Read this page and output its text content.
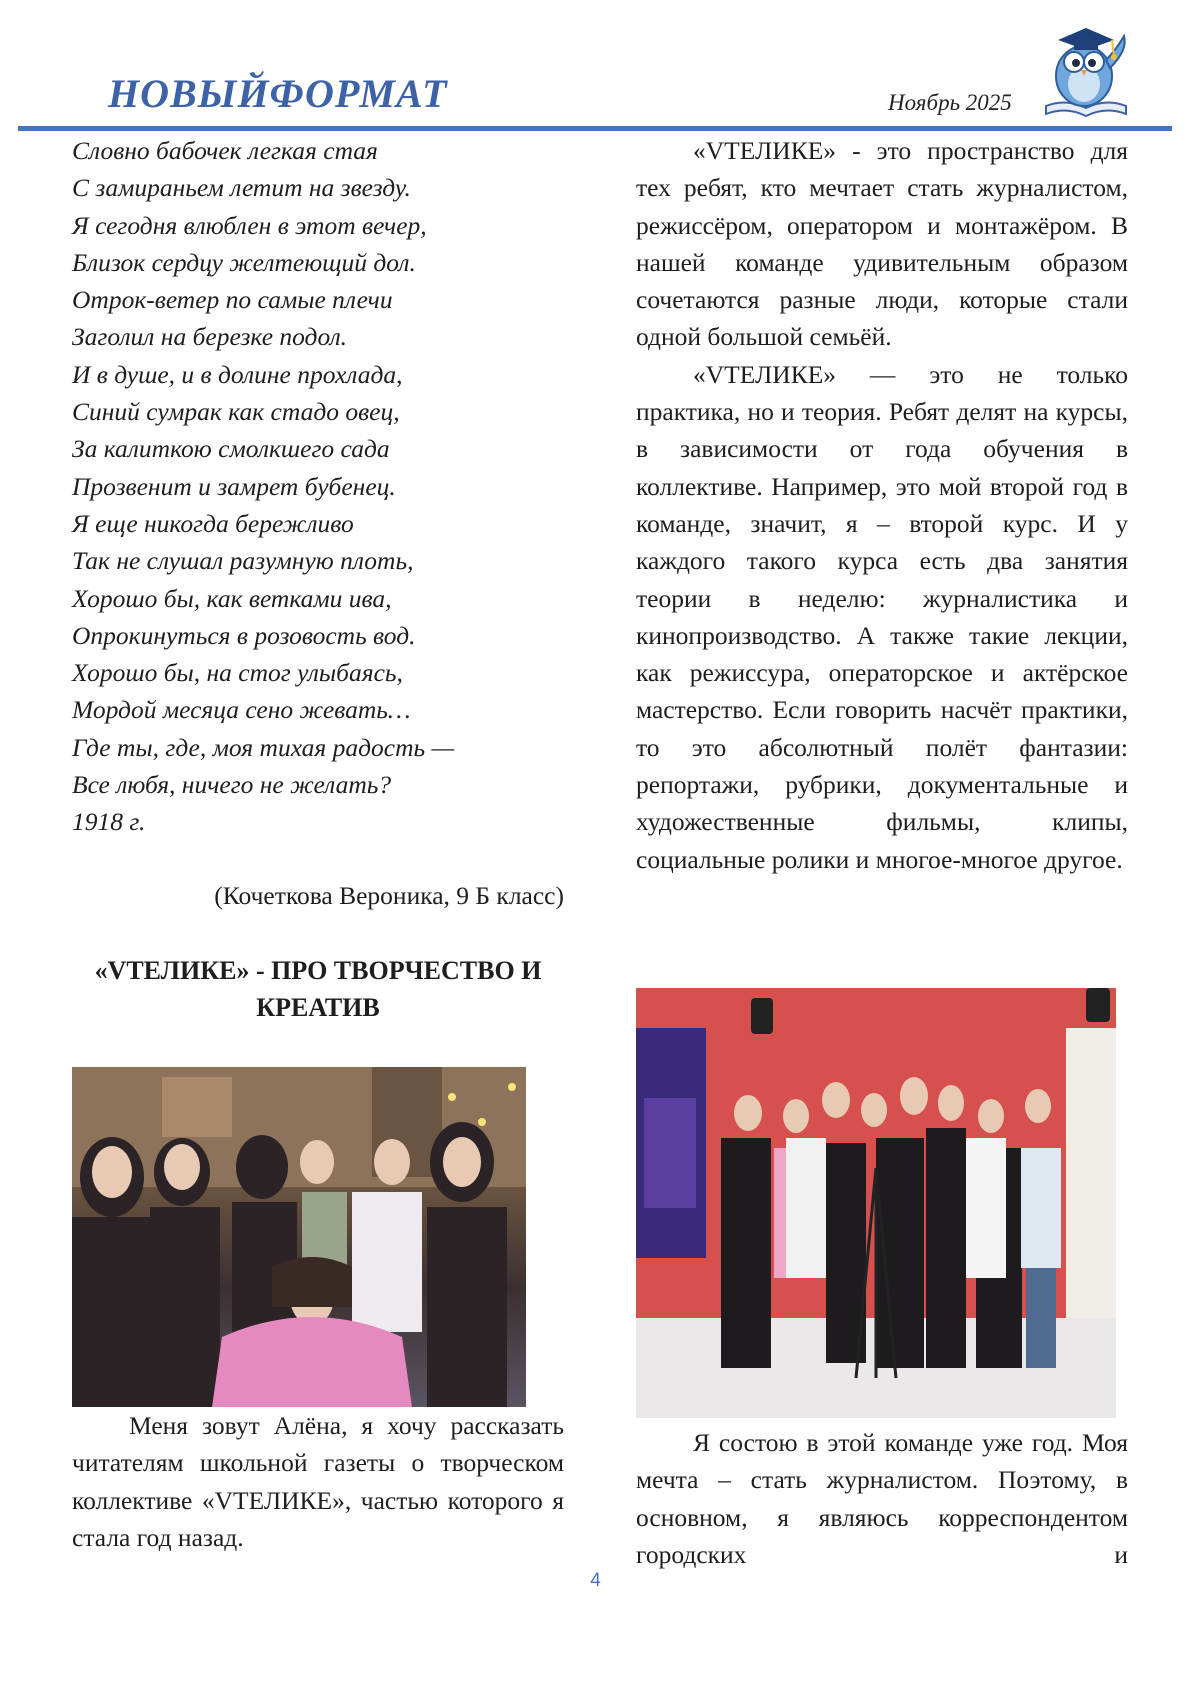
НОВЫЙФОРМАТ	Ноябрь 2025
Словно бабочек легкая стая
С замираньем летит на звезду.
Я сегодня влюблен в этот вечер,
Близок сердцу желтеющий дол.
Отрок-ветер по самые плечи
Заголил на березке подол.
И в душе, и в долине прохлада,
Синий сумрак как стадо овец,
За калиткою смолкшего сада
Прозвенит и замрет бубенец.
Я еще никогда бережливо
Так не слушал разумную плоть,
Хорошо бы, как ветками ива,
Опрокинуться в розовость вод.
Хорошо бы, на стог улыбаясь,
Мордой месяца сено жевать…
Где ты, где, моя тихая радость —
Все любя, ничего не желать?
1918 г.
(Кочеткова Вероника, 9 Б класс)
«VТЕЛИКЕ» - ПРО ТВОРЧЕСТВО И
КРЕАТИВ

Меня зовут Алёна, я хочу рассказать читателям школьной газеты о творческом коллективе «VТЕЛИКЕ», частью которого я стала год назад.

«VТЕЛИКЕ» - это пространство для тех ребят, кто мечтает стать журналистом, режиссёром, оператором и монтажёром. В нашей команде удивительным образом сочетаются разные люди, которые стали одной большой семьёй.

«VТЕЛИКЕ» — это не только практика, но и теория. Ребят делят на курсы, в зависимости от года обучения в коллективе. Например, это мой второй год в команде, значит, я – второй курс. И у каждого такого курса есть два занятия теории в неделю: журналистика и кинопроизводство. А также такие лекции, как режиссура, операторское и актёрское мастерство. Если говорить насчёт практики, то это абсолютный полёт фантазии: репортажи, рубрики, документальные и художественные фильмы, клипы, социальные ролики и многое-многое другое.

Я состою в этой команде уже год. Моя мечта – стать журналистом. Поэтому, в основном, я являюсь корреспондентом городских и

4
